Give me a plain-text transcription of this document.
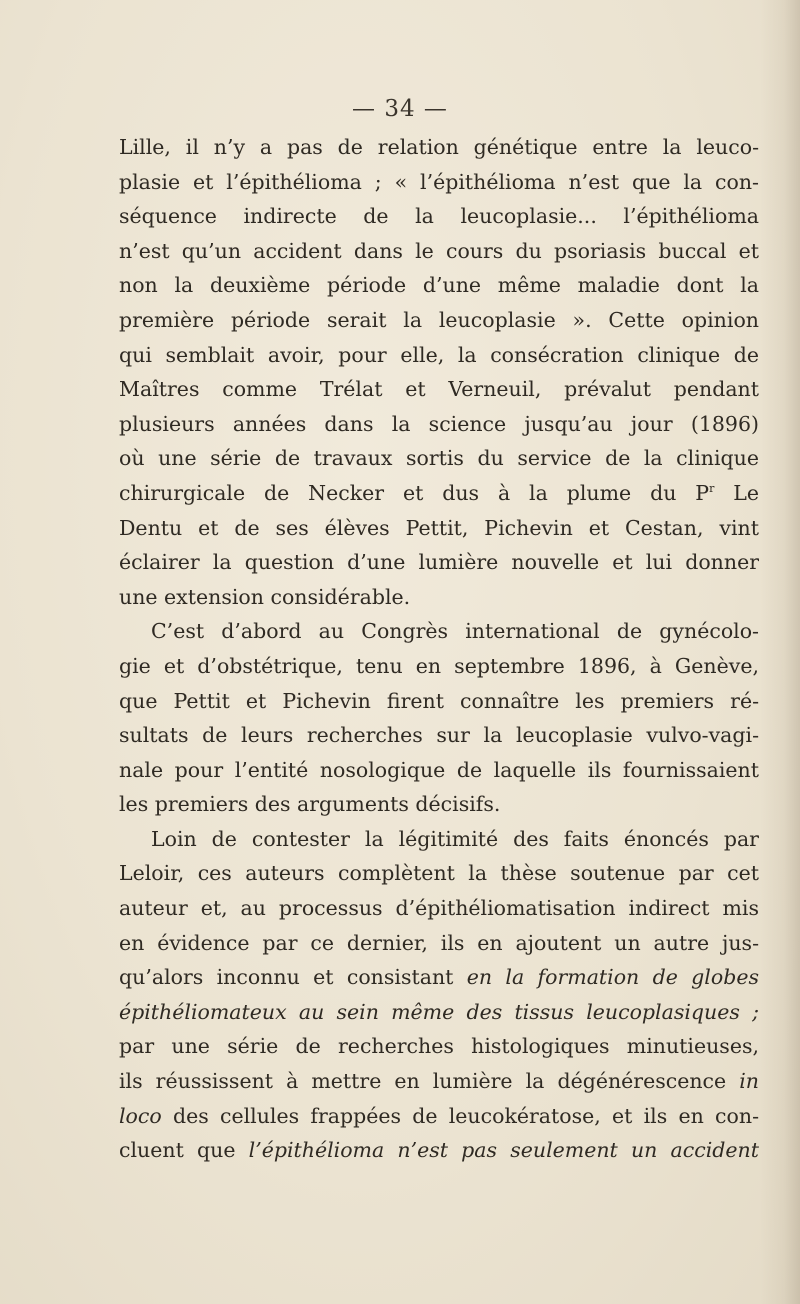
— 34 —

Lille, il n’y a pas de relation génétique entre la leuco-
plasie et l’épithélioma ; « l’épithélioma n’est que la con-
séquence indirecte de la leucoplasie... l’épithélioma
n’est qu’un accident dans le cours du psoriasis buccal et
non la deuxième période d’une même maladie dont la
première période serait la leucoplasie ». Cette opinion
qui semblait avoir, pour elle, la consécration clinique de
Maîtres comme Trélat et Verneuil, prévalut pendant
plusieurs années dans la science jusqu’au jour (1896)
où une série de travaux sortis du service de la clinique
chirurgicale de Necker et dus à la plume du $P^r$ Le
Dentu et de ses élèves Pettit, Pichevin et Cestan, vint
éclairer la question d’une lumière nouvelle et lui donner
une extension considérable.

C’est d’abord au Congrès international de gynécolo-
gie et d’obstétrique, tenu en septembre 1896, à Genève,
que Pettit et Pichevin firent connaître les premiers ré-
sultats de leurs recherches sur la leucoplasie vulvo-vagi-
nale pour l’entité nosologique de laquelle ils fournissaient
les premiers des arguments décisifs.

Loin de contester la légitimité des faits énoncés par
Leloir, ces auteurs complètent la thèse soutenue par cet
auteur et, au processus d’épithéliomatisation indirect mis
en évidence par ce dernier, ils en ajoutent un autre jus-
qu’alors inconnu et consistant en la formation de globes
épithéliomateux au sein même des tissus leucoplasiques ;
par une série de recherches histologiques minutieuses,
ils réussissent à mettre en lumière la dégénérescence in
loco des cellules frappées de leucokératose, et ils en con-
cluent que l’épithélioma n’est pas seulement un accident
